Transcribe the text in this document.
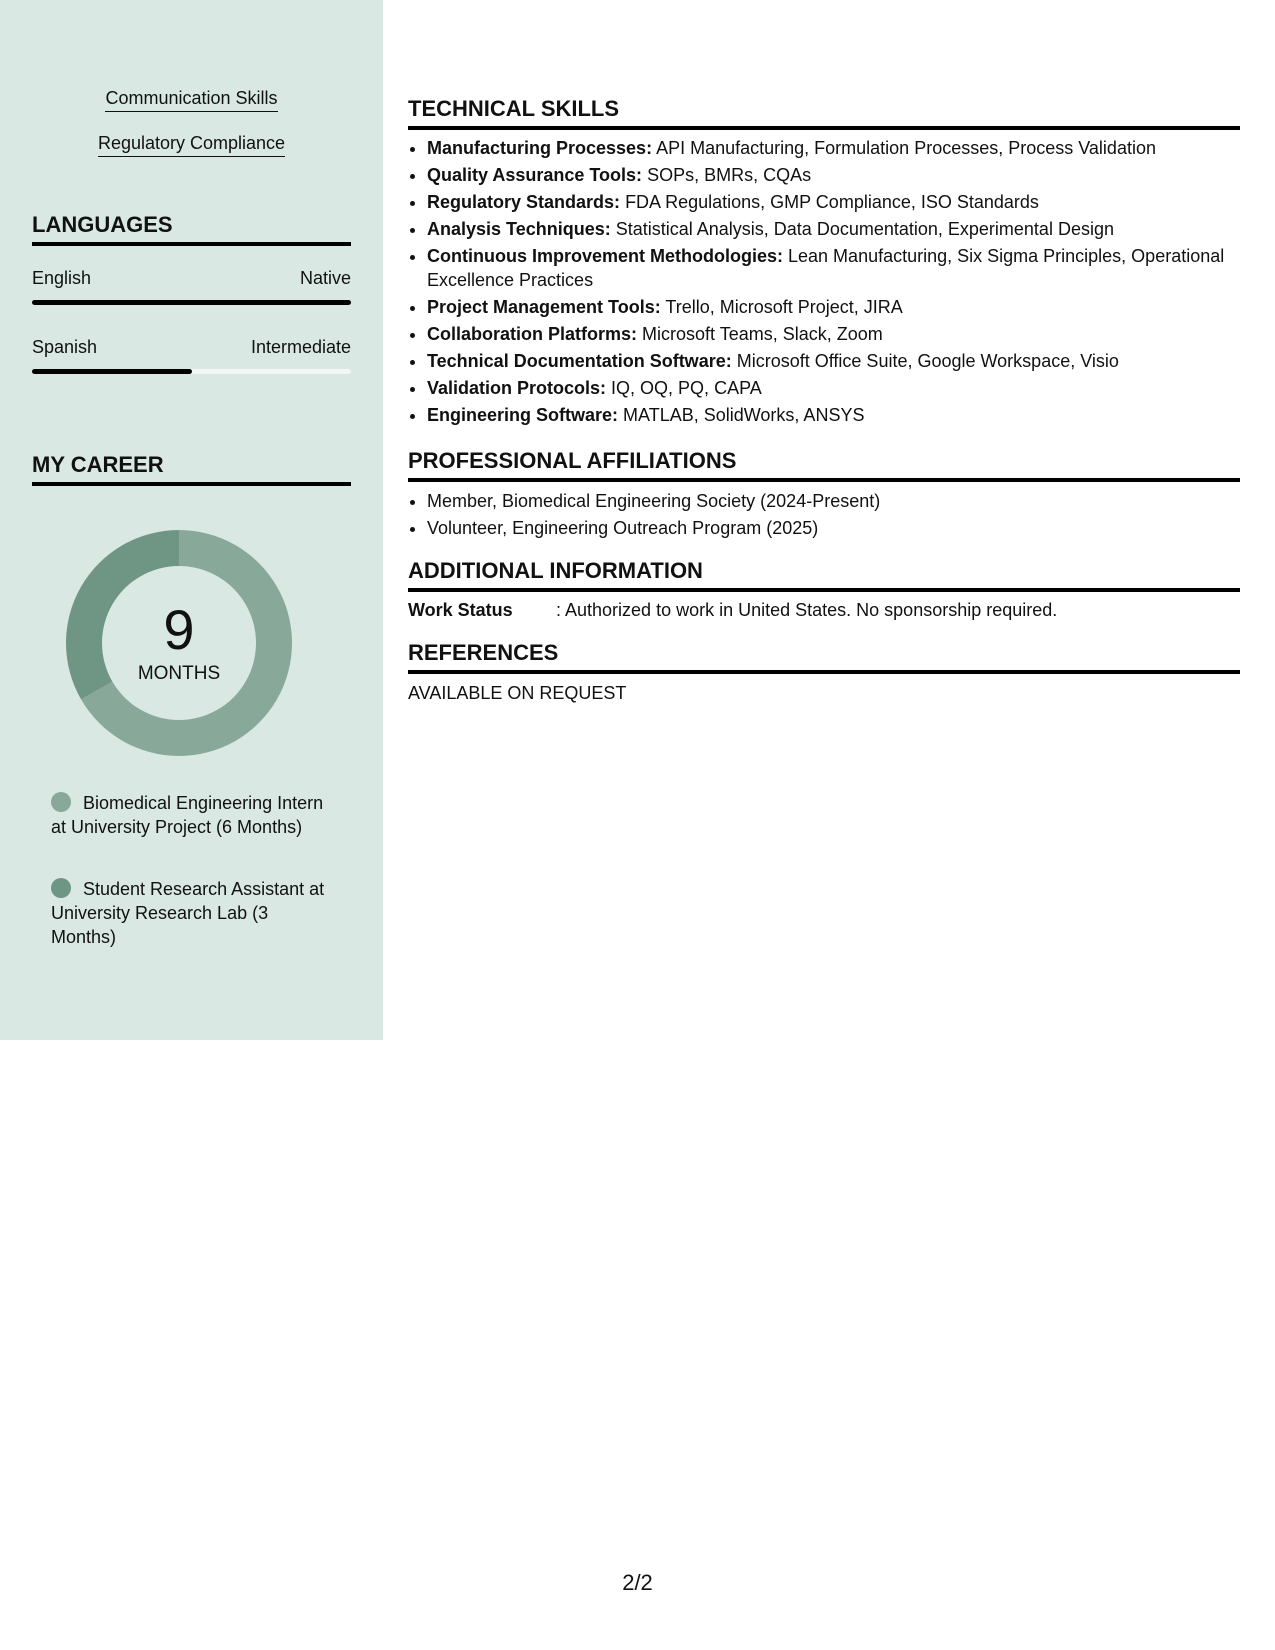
Communication Skills
Regulatory Compliance
LANGUAGES
English	Native
Spanish	Intermediate
MY CAREER
9
MONTHS
Biomedical Engineering Intern at University Project (6 Months)
Student Research Assistant at University Research Lab (3 Months)
TECHNICAL SKILLS
• Manufacturing Processes: API Manufacturing, Formulation Processes, Process Validation
• Quality Assurance Tools: SOPs, BMRs, CQAs
• Regulatory Standards: FDA Regulations, GMP Compliance, ISO Standards
• Analysis Techniques: Statistical Analysis, Data Documentation, Experimental Design
• Continuous Improvement Methodologies: Lean Manufacturing, Six Sigma Principles, Operational Excellence Practices
• Project Management Tools: Trello, Microsoft Project, JIRA
• Collaboration Platforms: Microsoft Teams, Slack, Zoom
• Technical Documentation Software: Microsoft Office Suite, Google Workspace, Visio
• Validation Protocols: IQ, OQ, PQ, CAPA
• Engineering Software: MATLAB, SolidWorks, ANSYS
PROFESSIONAL AFFILIATIONS
• Member, Biomedical Engineering Society (2024-Present)
• Volunteer, Engineering Outreach Program (2025)
ADDITIONAL INFORMATION
Work Status : Authorized to work in United States. No sponsorship required.
REFERENCES
AVAILABLE ON REQUEST
2/2
